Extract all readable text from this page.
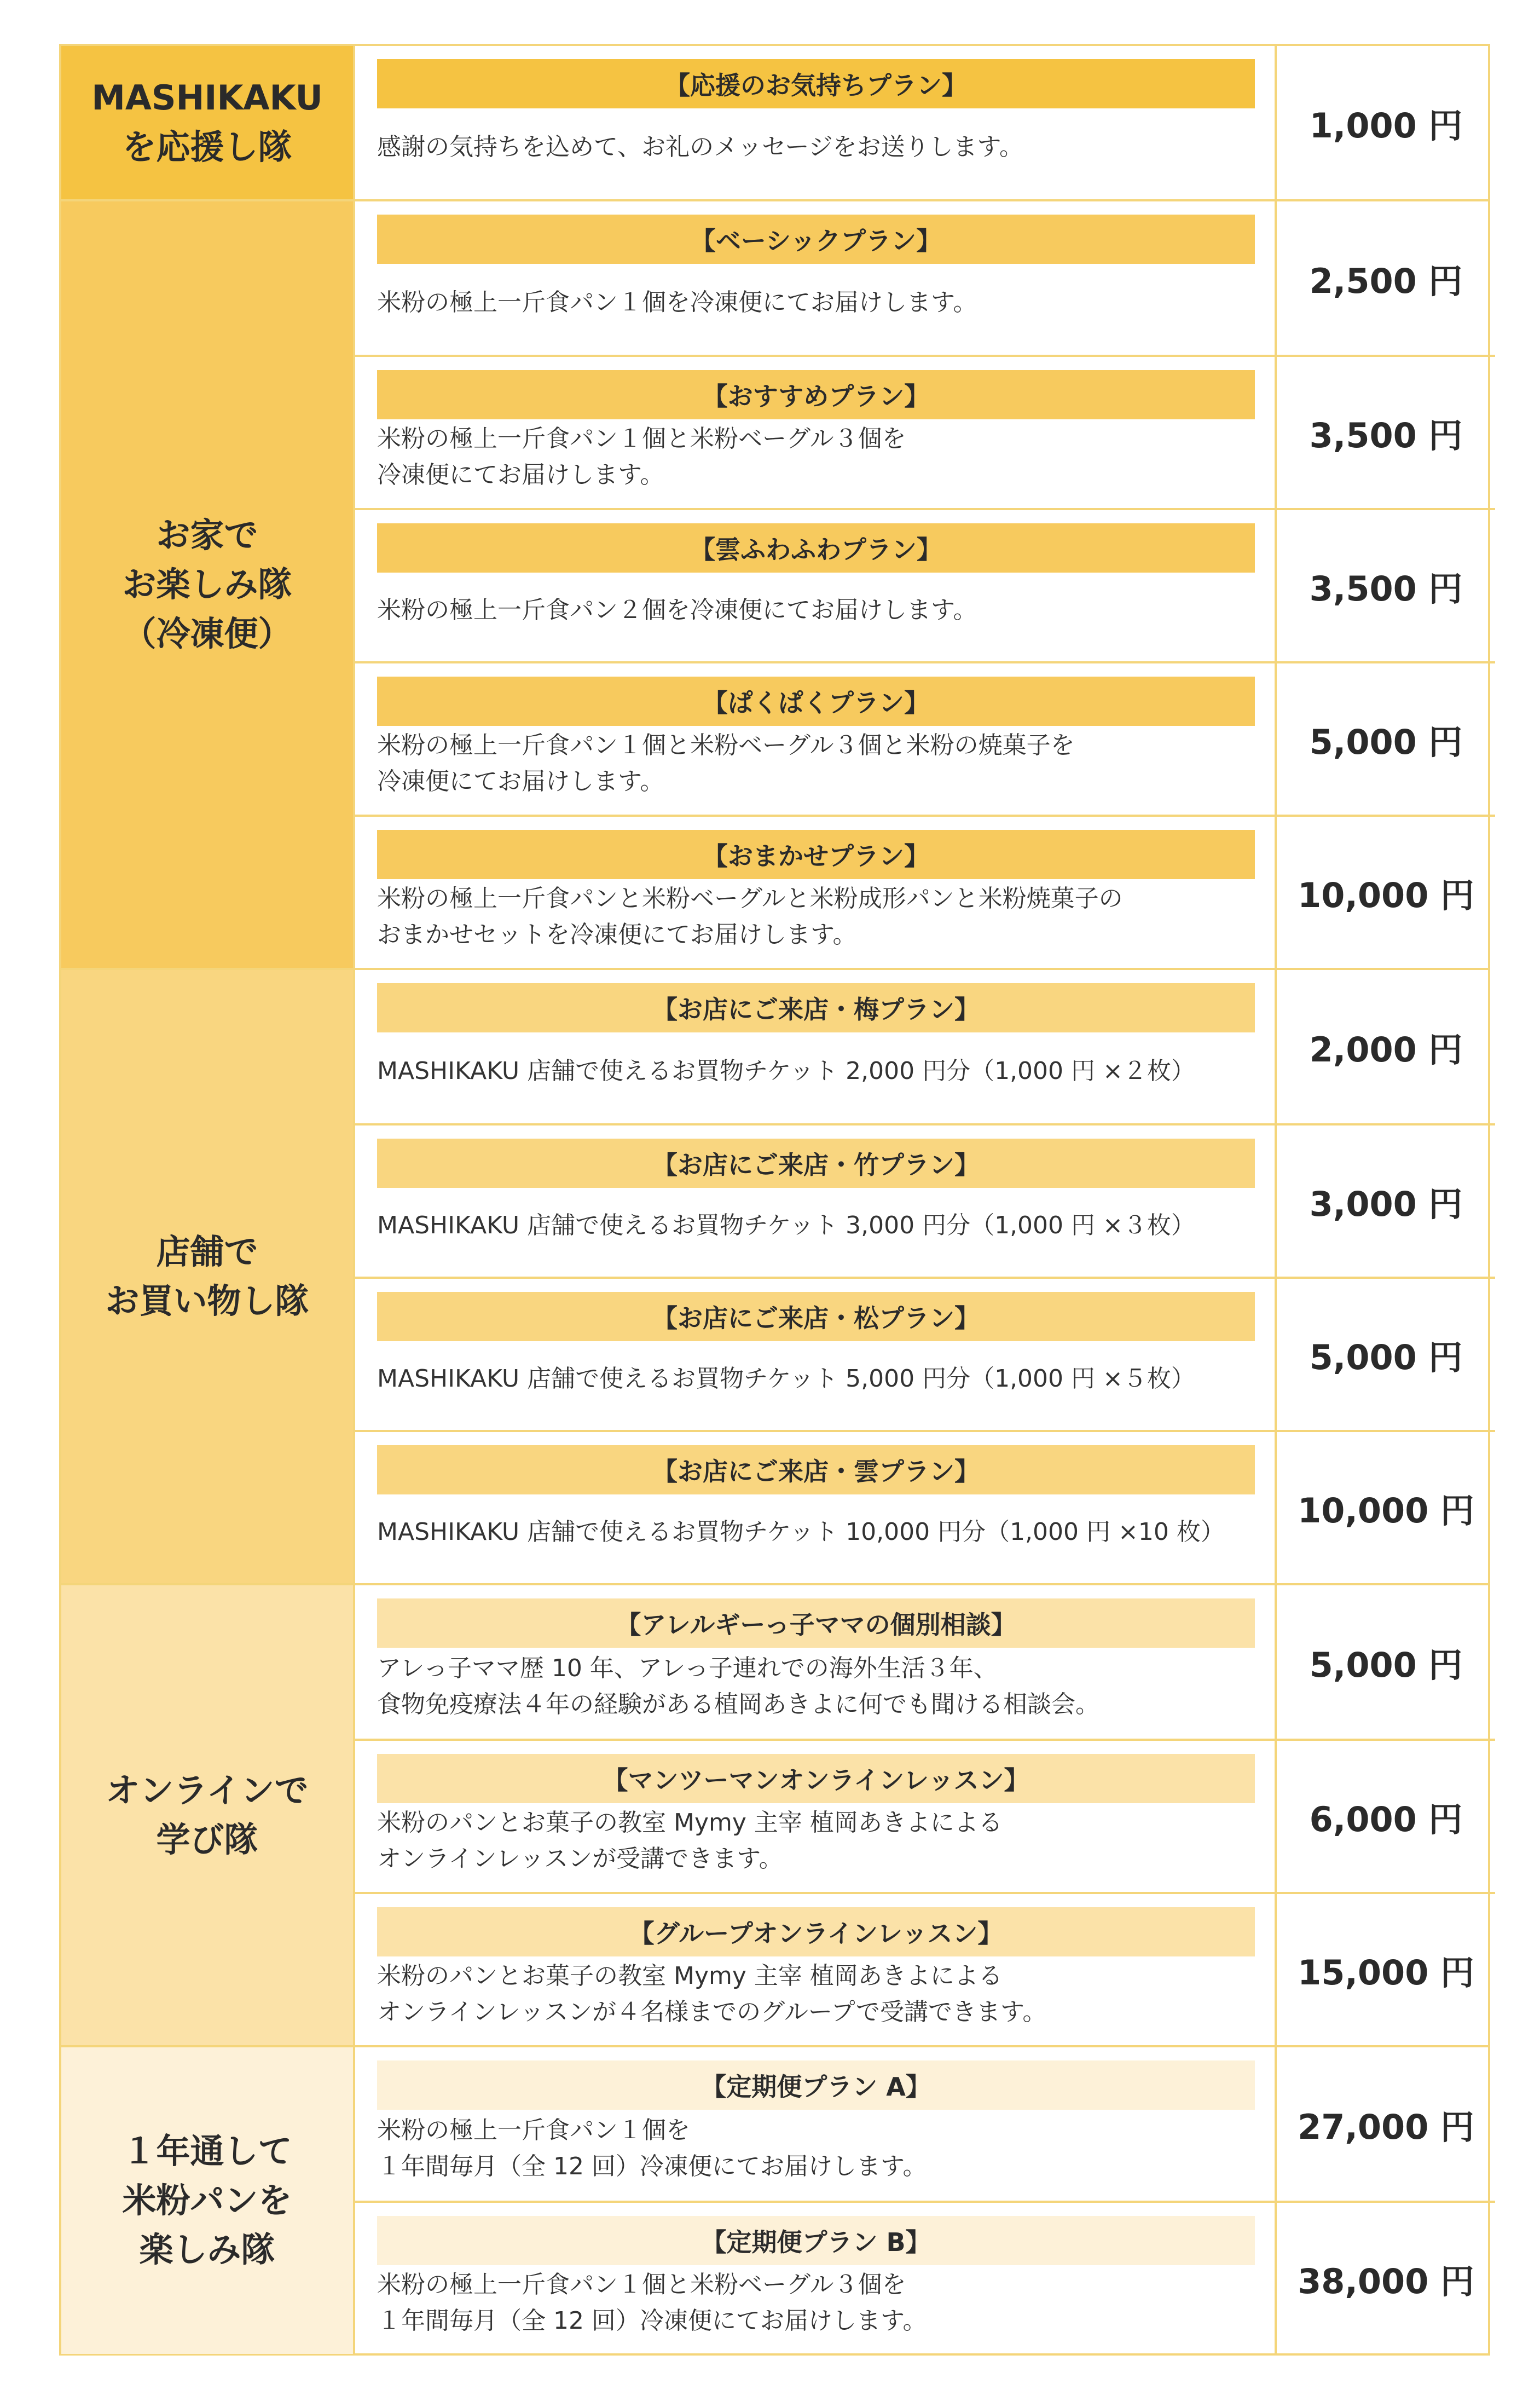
MASHIKAKU
を応援し隊
【応援のお気持ちプラン】
感謝の気持ちを込めて、お礼のメッセージをお送りします。
1,000 円
お家で
お楽しみ隊
（冷凍便）
【ベーシックプラン】
米粉の極上一斤食パン１個を冷凍便にてお届けします。
2,500 円
【おすすめプラン】
米粉の極上一斤食パン１個と米粉ベーグル３個を
冷凍便にてお届けします。
3,500 円
【雲ふわふわプラン】
米粉の極上一斤食パン２個を冷凍便にてお届けします。
3,500 円
【ぱくぱくプラン】
米粉の極上一斤食パン１個と米粉ベーグル３個と米粉の焼菓子を
冷凍便にてお届けします。
5,000 円
【おまかせプラン】
米粉の極上一斤食パンと米粉ベーグルと米粉成形パンと米粉焼菓子の
おまかせセットを冷凍便にてお届けします。
10,000 円
店舗で
お買い物し隊
【お店にご来店・梅プラン】
MASHIKAKU 店舗で使えるお買物チケット 2,000 円分（1,000 円 ×２枚）
2,000 円
【お店にご来店・竹プラン】
MASHIKAKU 店舗で使えるお買物チケット 3,000 円分（1,000 円 ×３枚）
3,000 円
【お店にご来店・松プラン】
MASHIKAKU 店舗で使えるお買物チケット 5,000 円分（1,000 円 ×５枚）
5,000 円
【お店にご来店・雲プラン】
MASHIKAKU 店舗で使えるお買物チケット 10,000 円分（1,000 円 ×10 枚）
10,000 円
オンラインで
学び隊
【アレルギーっ子ママの個別相談】
アレっ子ママ歴 10 年、アレっ子連れでの海外生活３年、
食物免疫療法４年の経験がある植岡あきよに何でも聞ける相談会。
5,000 円
【マンツーマンオンラインレッスン】
米粉のパンとお菓子の教室 Mymy 主宰 植岡あきよによる
オンラインレッスンが受講できます。
6,000 円
【グループオンラインレッスン】
米粉のパンとお菓子の教室 Mymy 主宰 植岡あきよによる
オンラインレッスンが４名様までのグループで受講できます。
15,000 円
１年通して
米粉パンを
楽しみ隊
【定期便プラン A】
米粉の極上一斤食パン１個を
１年間毎月（全 12 回）冷凍便にてお届けします。
27,000 円
【定期便プラン B】
米粉の極上一斤食パン１個と米粉ベーグル３個を
１年間毎月（全 12 回）冷凍便にてお届けします。
38,000 円
